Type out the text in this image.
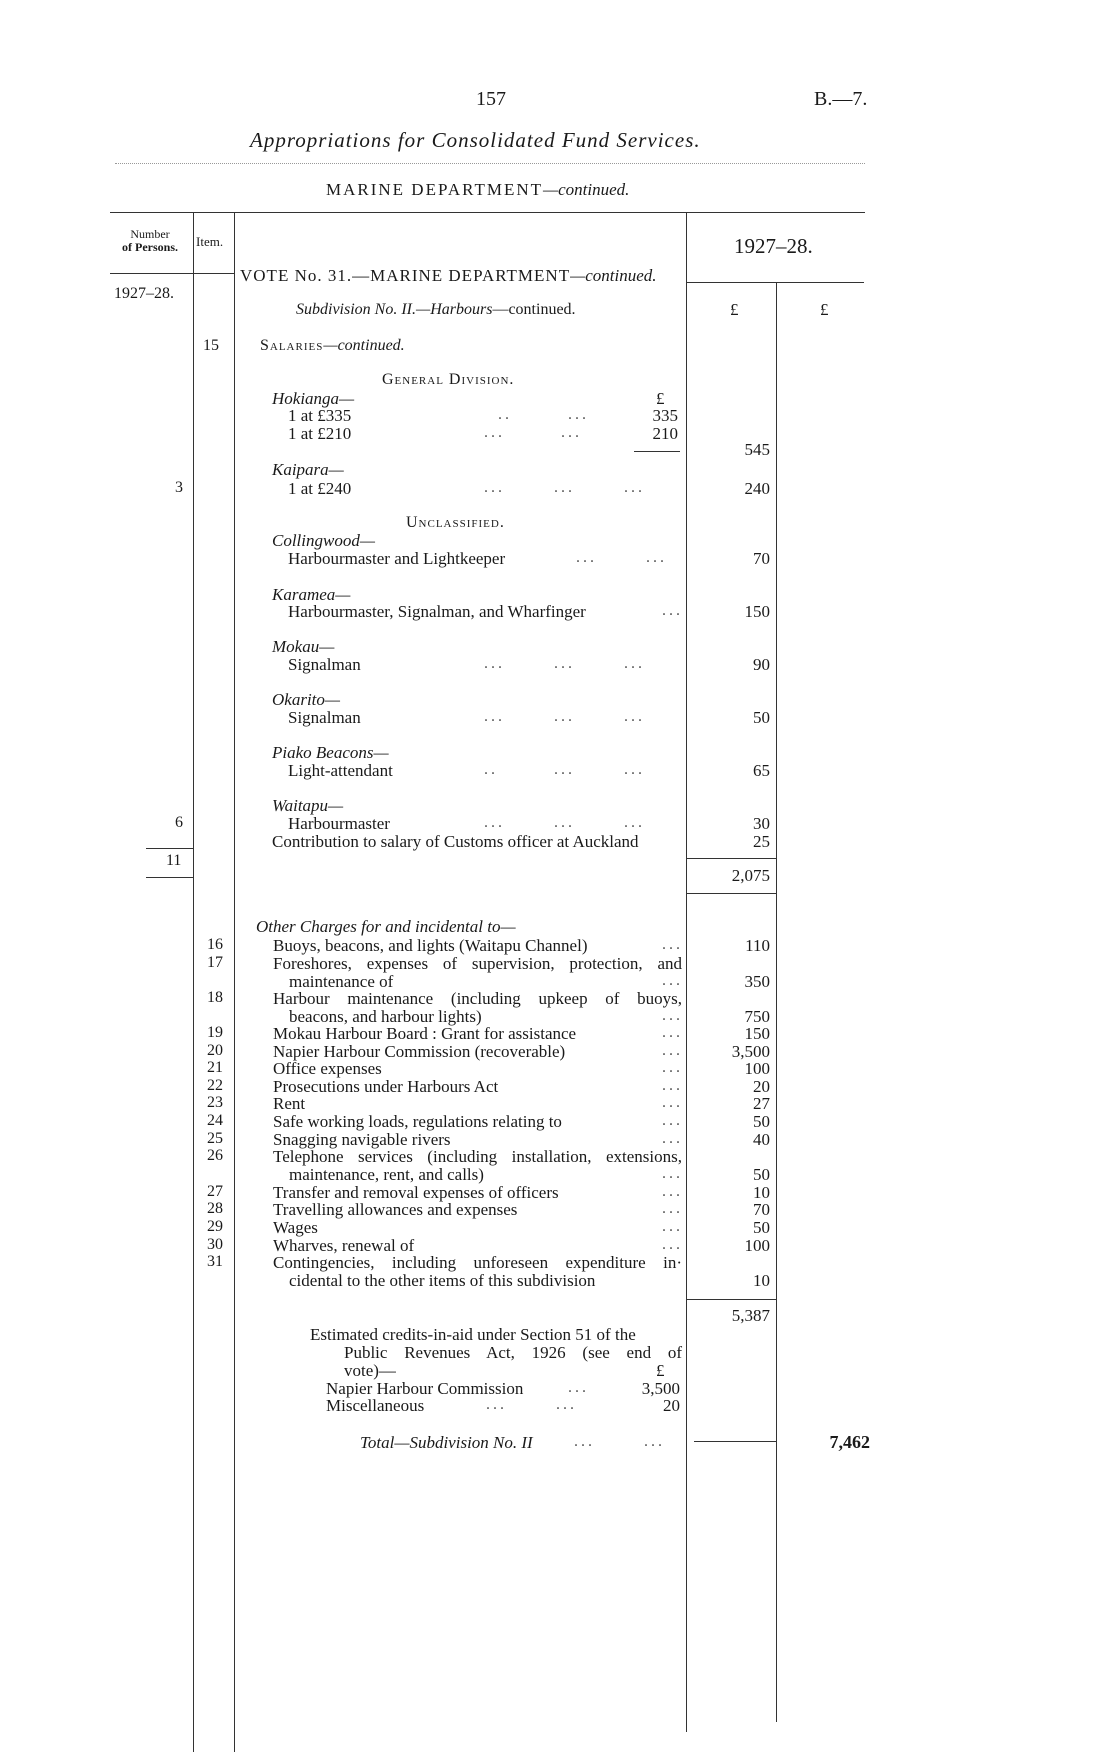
157	B.—7.
Appropriations for Consolidated Fund Services.
MARINE DEPARTMENT—continued.
Number
of Persons.	Item.	1927–28.
1927–28.
£	£
VOTE No. 31.—MARINE DEPARTMENT—continued.
Subdivision No. II.—Harbours—continued.
15	Salaries—continued.
General Division.
Hokianga—	£
1 at £335	..        ...	335
1 at £210	...        ...	210
545
Kaipara—
3	1 at £240	...       ...       ...	240
Unclassified.
Collingwood—
Harbourmaster and Lightkeeper	...       ...	70
Karamea—
Harbourmaster, Signalman, and Wharfinger	...	150
Mokau—
Signalman	...       ...       ...	90
Okarito—
Signalman	...       ...       ...	50
Piako Beacons—
Light-attendant	..        ...       ...	65
Waitapu—
6	Harbourmaster	...       ...       ...	30
Contribution to salary of Customs officer at Auckland	25
11
2,075
Other Charges for and incidental to—
16	Buoys, beacons, and lights (Waitapu Channel)	...	110
17	Foreshores, expenses of supervision, protection, and
maintenance of	...	350
18	Harbour maintenance (including upkeep of buoys,
beacons, and harbour lights)	...	750
19	Mokau Harbour Board : Grant for assistance	...	150
20	Napier Harbour Commission (recoverable)	...	3,500
21	Office expenses	...	100
22	Prosecutions under Harbours Act	...	20
23	Rent	...	27
24	Safe working loads, regulations relating to	...	50
25	Snagging navigable rivers	...	40
26	Telephone services (including installation, extensions,
maintenance, rent, and calls)	...	50
27	Transfer and removal expenses of officers	...	10
28	Travelling allowances and expenses	...	70
29	Wages	...	50
30	Wharves, renewal of	...	100
31	Contingencies, including unforeseen expenditure in·
cidental to the other items of this subdivision	10
5,387
Estimated credits-in-aid under Section 51 of the
Public Revenues Act, 1926 (see end of
vote)—	£
Napier Harbour Commission	...	3,500
Miscellaneous	...       ...	20
Total—Subdivision No. II	...       ...	7,462
